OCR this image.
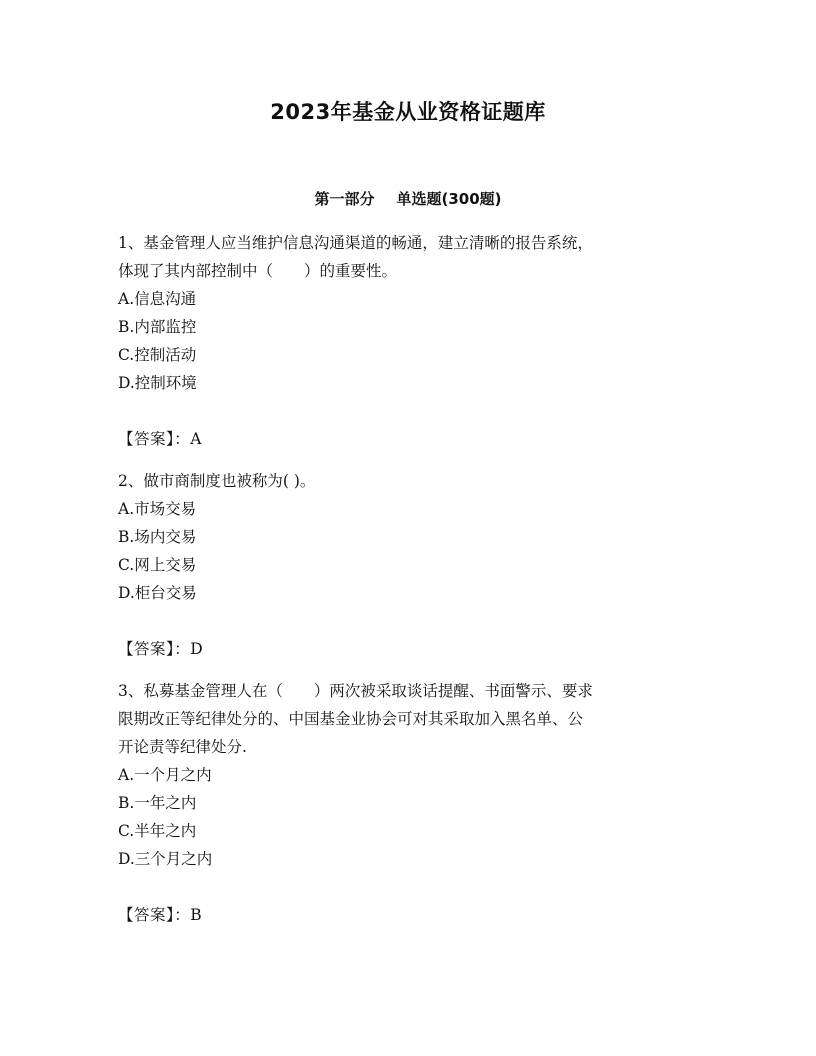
2023年基金从业资格证题库
第一部分 单选题(300题)
1、基金管理人应当维护信息沟通渠道的畅通，建立清晰的报告系统，
体现了其内部控制中（　　）的重要性。
A.信息沟通
B.内部监控
C.控制活动
D.控制环境
【答案】：A
2、做市商制度也被称为( )。
A.市场交易
B.场内交易
C.网上交易
D.柜台交易
【答案】：D
3、私募基金管理人在（　　）两次被采取谈话提醒、书面警示、要求
限期改正等纪律处分的、中国基金业协会可对其采取加入黑名单、公
开论责等纪律处分.
A.一个月之内
B.一年之内
C.半年之内
D.三个月之内
【答案】：B
